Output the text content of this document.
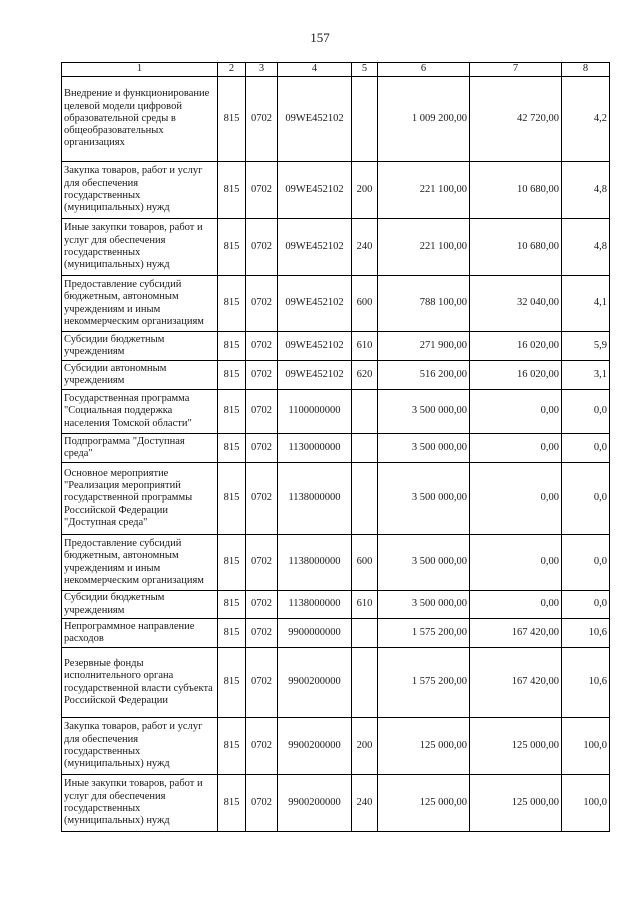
157
1	2	3	4	5	6	7	8
Внедрение и функционирование целевой модели цифровой образовательной среды в общеобразовательных организациях	815	0702	09WE452102		1 009 200,00	42 720,00	4,2
Закупка товаров, работ и услуг для обеспечения государственных (муниципальных) нужд	815	0702	09WE452102	200	221 100,00	10 680,00	4,8
Иные закупки товаров, работ и услуг для обеспечения государственных (муниципальных) нужд	815	0702	09WE452102	240	221 100,00	10 680,00	4,8
Предоставление субсидий бюджетным, автономным учреждениям и иным некоммерческим организациям	815	0702	09WE452102	600	788 100,00	32 040,00	4,1
Субсидии бюджетным учреждениям	815	0702	09WE452102	610	271 900,00	16 020,00	5,9
Субсидии автономным учреждениям	815	0702	09WE452102	620	516 200,00	16 020,00	3,1
Государственная программа "Социальная поддержка населения Томской области"	815	0702	1100000000		3 500 000,00	0,00	0,0
Подпрограмма "Доступная среда"	815	0702	1130000000		3 500 000,00	0,00	0,0
Основное мероприятие "Реализация мероприятий государственной программы Российской Федерации "Доступная среда"	815	0702	1138000000		3 500 000,00	0,00	0,0
Предоставление субсидий бюджетным, автономным учреждениям и иным некоммерческим организациям	815	0702	1138000000	600	3 500 000,00	0,00	0,0
Субсидии бюджетным учреждениям	815	0702	1138000000	610	3 500 000,00	0,00	0,0
Непрограммное направление расходов	815	0702	9900000000		1 575 200,00	167 420,00	10,6
Резервные фонды исполнительного органа государственной власти субъекта Российской Федерации	815	0702	9900200000		1 575 200,00	167 420,00	10,6
Закупка товаров, работ и услуг для обеспечения государственных (муниципальных) нужд	815	0702	9900200000	200	125 000,00	125 000,00	100,0
Иные закупки товаров, работ и услуг для обеспечения государственных (муниципальных) нужд	815	0702	9900200000	240	125 000,00	125 000,00	100,0
